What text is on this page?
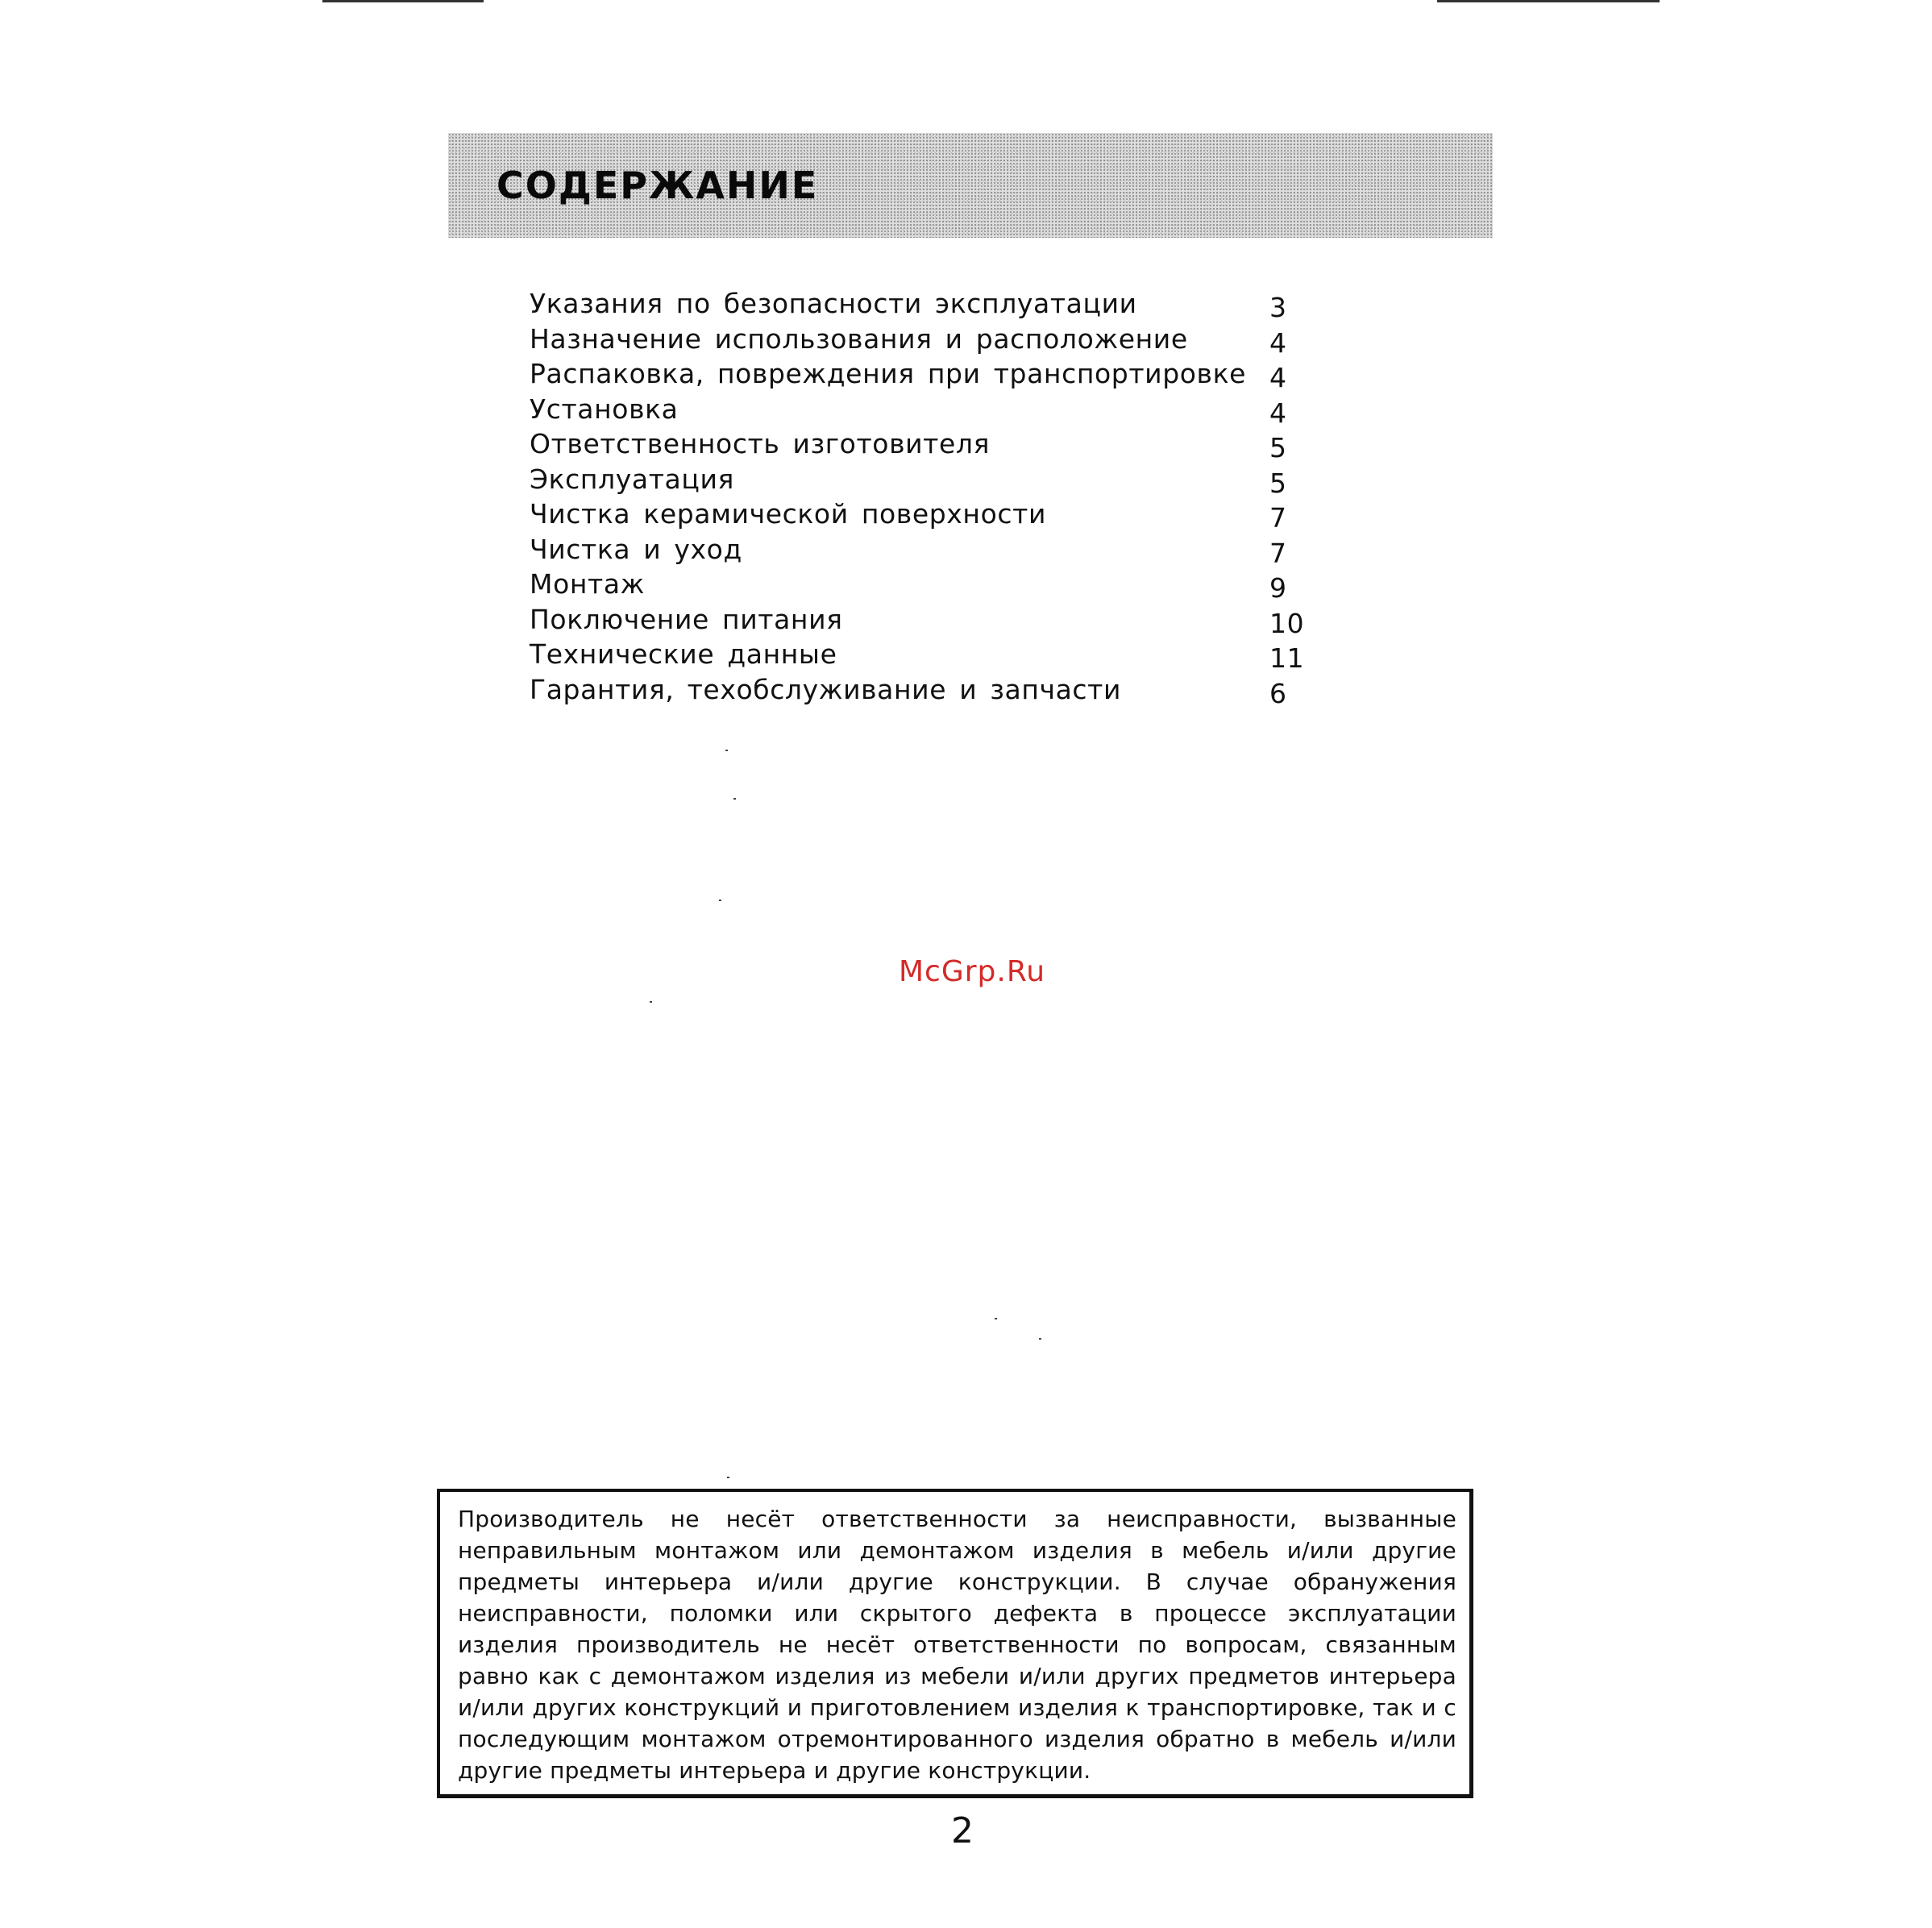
СОДЕРЖАНИЕ
Указания по безопасности эксплуатации	3
Назначение использования и расположение	4
Распаковка, повреждения при транспортировке 4
Установка	4
Ответственность изготовителя	5
Эксплуатация	5
Чистка керамической поверхности	7
Чистка и уход	7
Монтаж	9
Поключение питания	10
Технические данные	11
Гарантия, техобслуживание и запчасти	6
McGrp.Ru

Производитель не несёт ответственности за неисправности, вызванные неправильным монтажом или демонтажом изделия в мебель и/или другие предметы интерьера и/или другие конструкции. В случае обранужения неисправности, поломки или скрытого дефекта в процессе эксплуатации изделия производитель не несёт ответственности по вопросам, связанным равно как с демонтажом изделия из мебели и/или других предметов интерьера и/или других конструкций и приготовлением изделия к транспортировке, так и с последующим монтажом отремонтированного изделия обратно в мебель и/или другие предметы интерьера и другие конструкции.

2
